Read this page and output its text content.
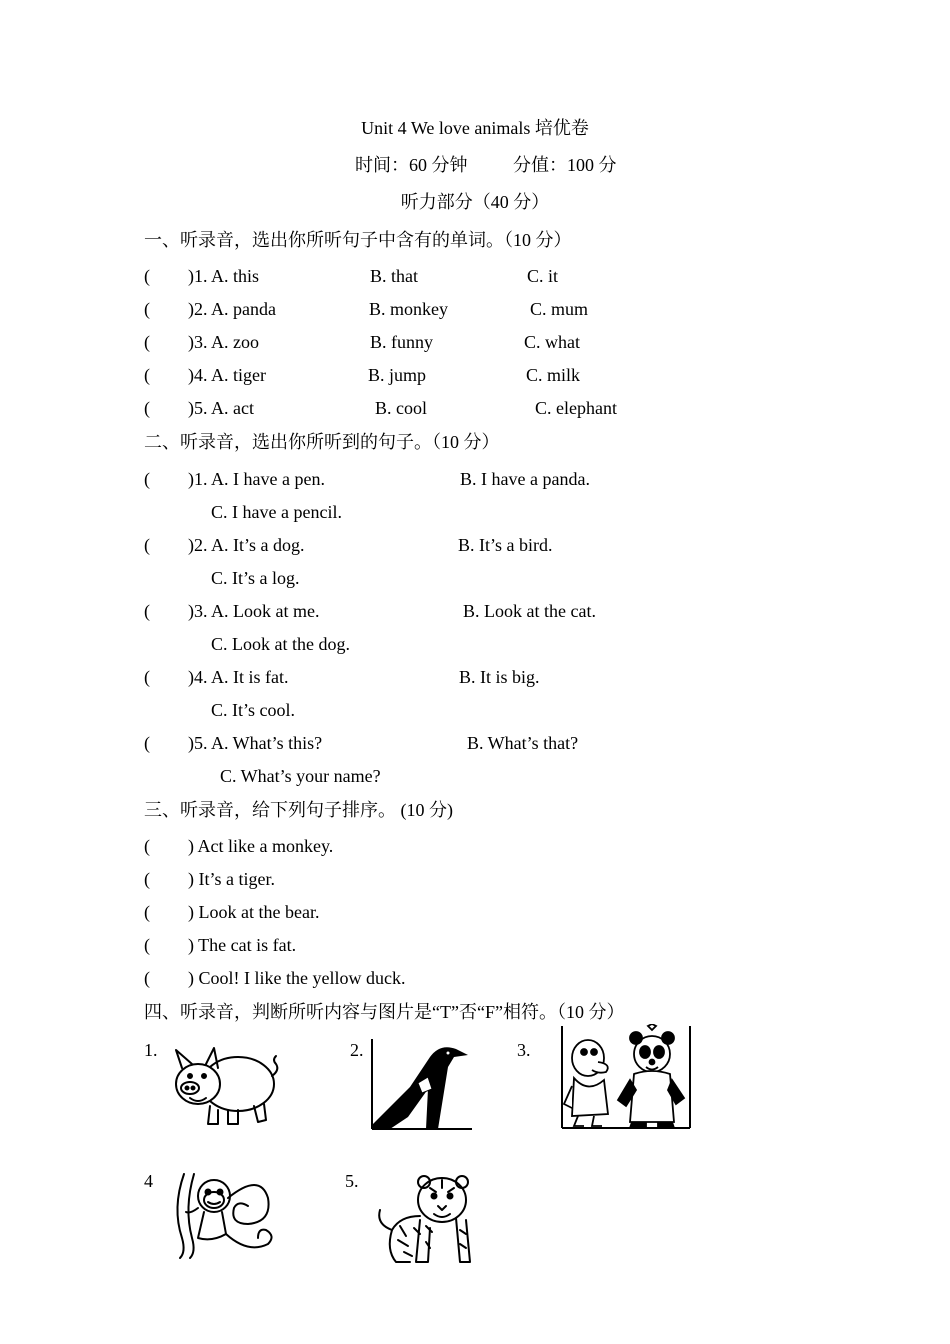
Unit 4 We love animals 培优卷
时间：60 分钟	分值：100 分
听力部分（40 分）
一、听录音，选出你所听句子中含有的单词。（10 分）
( )1. A. this	B. that	C. it
( )2. A. panda	B. monkey	C. mum
( )3. A. zoo	B. funny	C. what
( )4. A. tiger	B. jump	C. milk
( )5. A. act	B. cool	C. elephant
二、听录音，选出你所听到的句子。（10 分）
( )1. A. I have a pen.	B. I have a panda.
C. I have a pencil.
( )2. A. It’s a dog.	B. It’s a bird.
C. It’s a log.
( )3. A. Look at me.	B. Look at the cat.
C. Look at the dog.
( )4. A. It is fat.	B. It is big.
C. It’s cool.
( )5. A. What’s this?	B. What’s that?
C. What’s your name?
三、听录音，给下列句子排序。 (10 分)
( ) Act like a monkey.
( ) It’s a tiger.
( ) Look at the bear.
( ) The cat is fat.
( ) Cool! I like the yellow duck.
四、听录音，判断所听内容与图片是“T”否“F”相符。（10 分）
1.	2.	3.
4	5.
